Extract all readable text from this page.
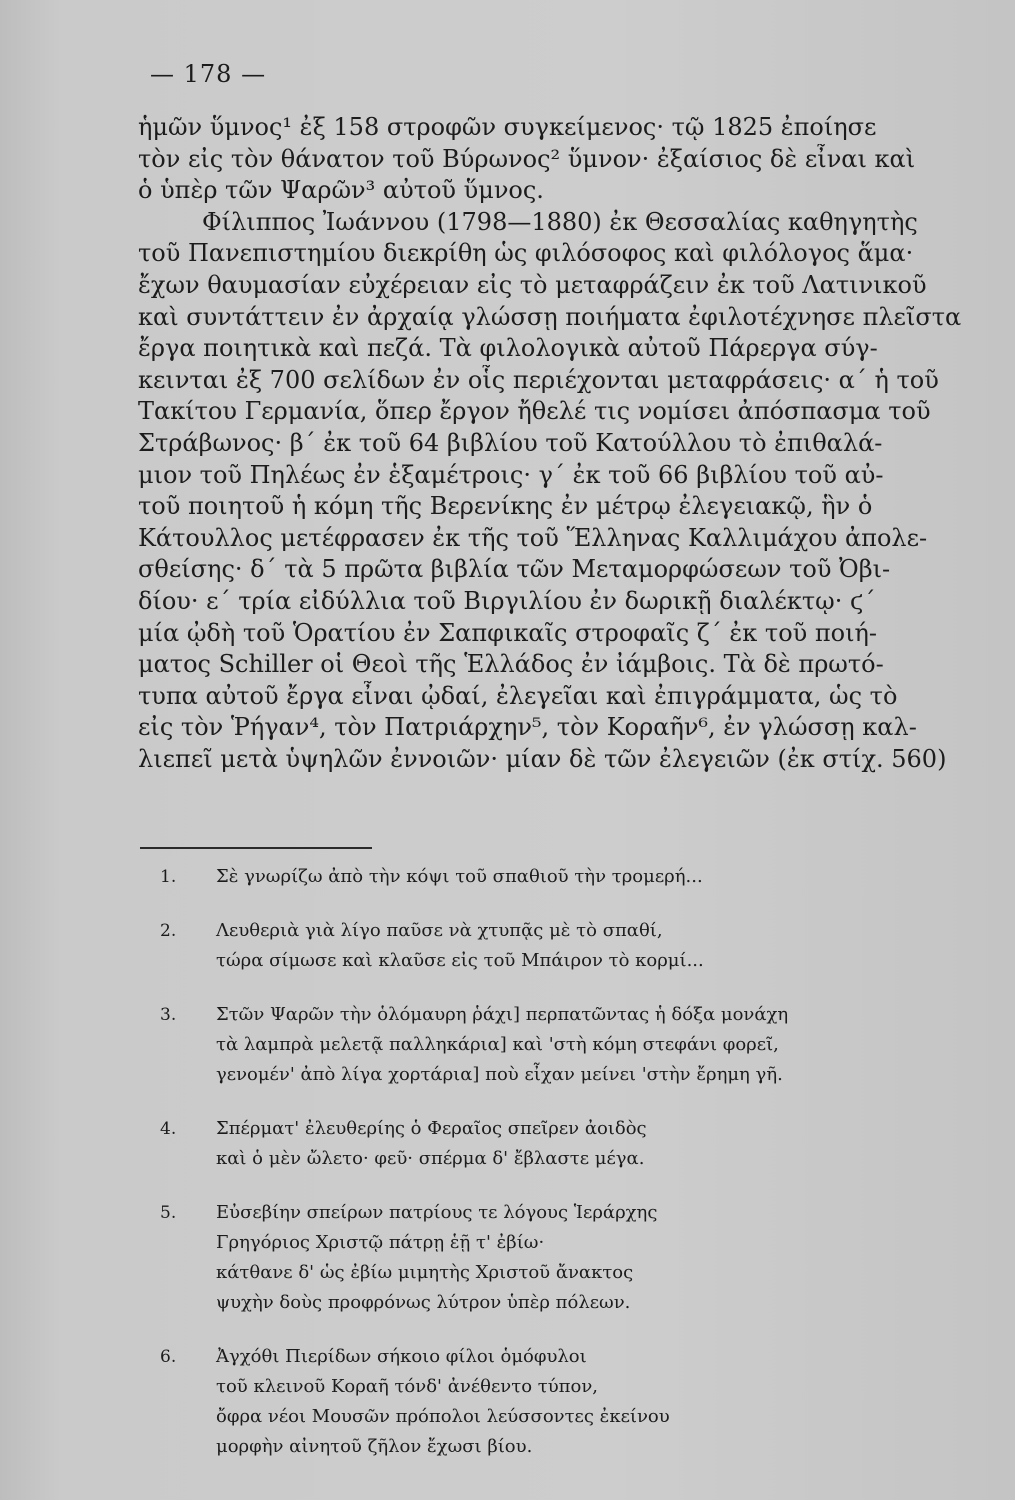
— 178 —
ἡμῶν ὕμνος¹ ἐξ 158 στροφῶν συγκείμενος· τῷ 1825 ἐποίησε
τὸν εἰς τὸν θάνατον τοῦ Βύρωνος² ὕμνον· ἐξαίσιος δὲ εἶναι καὶ
ὁ ὑπὲρ τῶν Ψαρῶν³ αὐτοῦ ὕμνος.
Φίλιππος Ἰωάννου (1798—1880) ἐκ Θεσσαλίας καθηγητὴς
τοῦ Πανεπιστημίου διεκρίθη ὡς φιλόσοφος καὶ φιλόλογος ἅμα·
ἔχων θαυμασίαν εὐχέρειαν εἰς τὸ μεταφράζειν ἐκ τοῦ Λατινικοῦ
καὶ συντάττειν ἐν ἀρχαίᾳ γλώσσῃ ποιήματα ἐφιλοτέχνησε πλεῖστα
ἔργα ποιητικὰ καὶ πεζά. Τὰ φιλολογικὰ αὐτοῦ Πάρεργα σύγ-
κεινται ἐξ 700 σελίδων ἐν οἷς περιέχονται μεταφράσεις· α΄ ἡ τοῦ
Τακίτου Γερμανία, ὅπερ ἔργον ἤθελέ τις νομίσει ἀπόσπασμα τοῦ
Στράβωνος· β΄ ἐκ τοῦ 64 βιβλίου τοῦ Κατούλλου τὸ ἐπιθαλά-
μιον τοῦ Πηλέως ἐν ἑξαμέτροις· γ΄ ἐκ τοῦ 66 βιβλίου τοῦ αὐ-
τοῦ ποιητοῦ ἡ κόμη τῆς Βερενίκης ἐν μέτρῳ ἐλεγειακῷ, ἣν ὁ
Κάτουλλος μετέφρασεν ἐκ τῆς τοῦ Ἕλληνας Καλλιμάχου ἀπολε-
σθείσης· δ΄ τὰ 5 πρῶτα βιβλία τῶν Μεταμορφώσεων τοῦ Ὀβι-
δίου· ε΄ τρία εἰδύλλια τοῦ Βιργιλίου ἐν δωρικῇ διαλέκτῳ· ϛ΄
μία ᾠδὴ τοῦ Ὁρατίου ἐν Σαπφικαῖς στροφαῖς ζ΄ ἐκ τοῦ ποιή-
ματος Schiller οἱ Θεοὶ τῆς Ἑλλάδος ἐν ἰάμβοις. Τὰ δὲ πρωτό-
τυπα αὐτοῦ ἔργα εἶναι ᾠδαί, ἐλεγεῖαι καὶ ἐπιγράμματα, ὡς τὸ
εἰς τὸν Ῥήγαν⁴, τὸν Πατριάρχην⁵, τὸν Κοραῆν⁶, ἐν γλώσσῃ καλ-
λιεπεῖ μετὰ ὑψηλῶν ἐννοιῶν· μίαν δὲ τῶν ἐλεγειῶν (ἐκ στίχ. 560)
1. Σὲ γνωρίζω ἀπὸ τὴν κόψι τοῦ σπαθιοῦ τὴν τρομερή...
2. Λευθεριὰ γιὰ λίγο παῦσε νὰ χτυπᾷς μὲ τὸ σπαθί,
τώρα σίμωσε καὶ κλαῦσε εἰς τοῦ Μπάιρον τὸ κορμί...
3. Στῶν Ψαρῶν τὴν ὁλόμαυρη ῥάχι] περπατῶντας ἡ δόξα μονάχη
τὰ λαμπρὰ μελετᾷ παλληκάρια] καὶ 'στὴ κόμη στεφάνι φορεῖ,
γενομέν' ἀπὸ λίγα χορτάρια] ποὺ εἶχαν μείνει 'στὴν ἔρημη γῆ.
4. Σπέρματ' ἐλευθερίης ὁ Φεραῖος σπεῖρεν ἀοιδὸς
καὶ ὁ μὲν ὤλετο· φεῦ· σπέρμα δ' ἔβλαστε μέγα.
5. Εὐσεβίην σπείρων πατρίους τε λόγους Ἱεράρχης
Γρηγόριος Χριστῷ πάτρῃ ἑῇ τ' ἐβίω·
κάτθανε δ' ὡς ἐβίω μιμητὴς Χριστοῦ ἄνακτος
ψυχὴν δοὺς προφρόνως λύτρον ὑπὲρ πόλεων.
6. Ἀγχόθι Πιερίδων σήκοιο φίλοι ὁμόφυλοι
τοῦ κλεινοῦ Κοραῆ τόνδ' ἀνέθεντο τύπον,
ὄφρα νέοι Μουσῶν πρόπολοι λεύσσοντες ἐκείνου
μορφὴν αἰνητοῦ ζῆλον ἔχωσι βίου.
